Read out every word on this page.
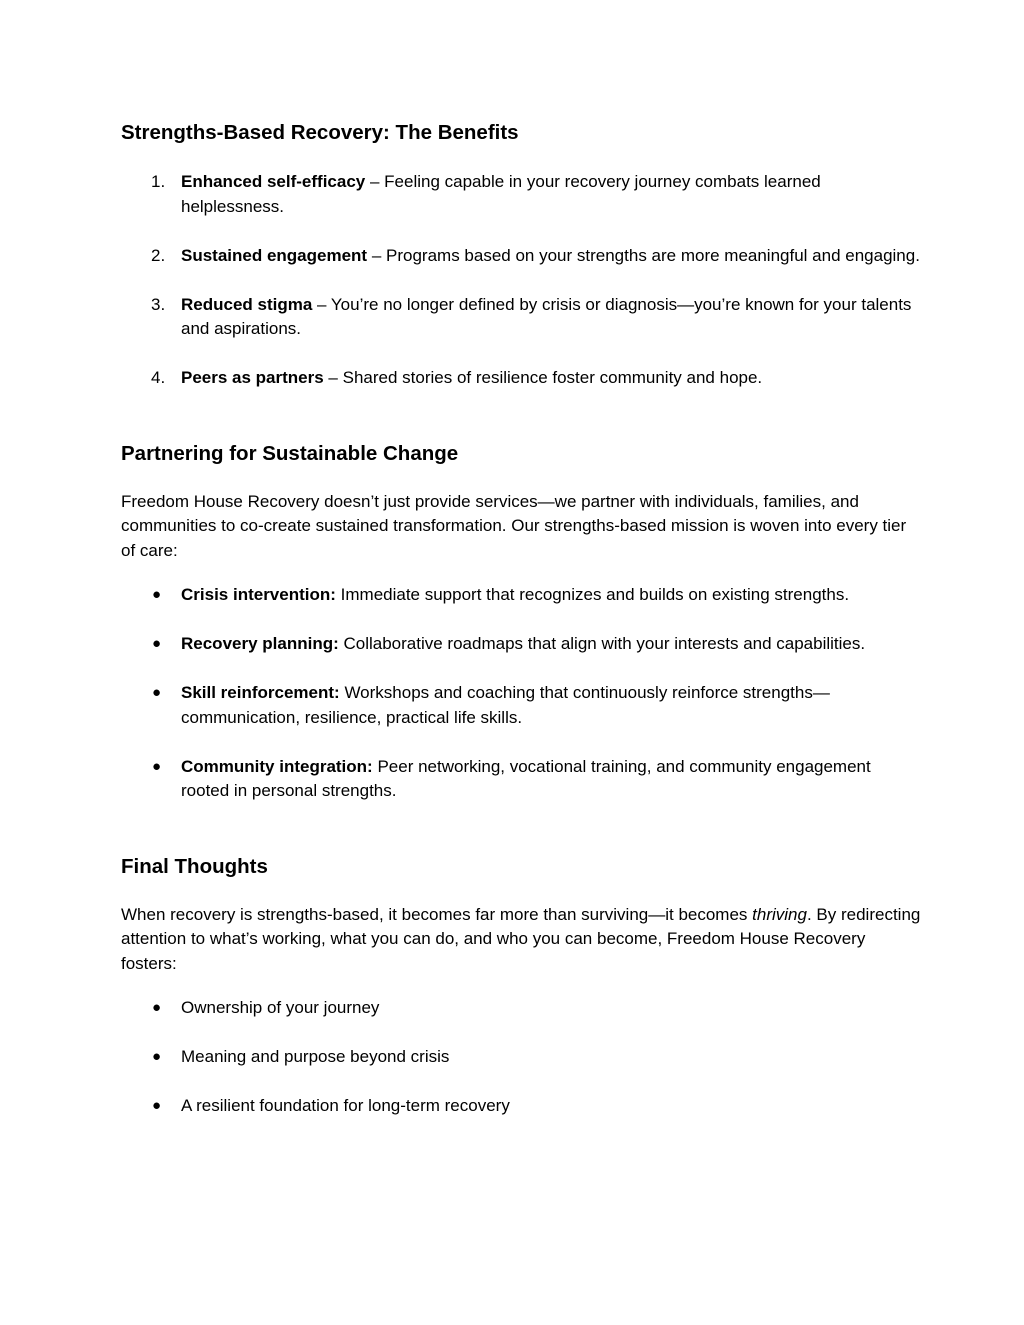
Strengths-Based Recovery: The Benefits
1. Enhanced self-efficacy – Feeling capable in your recovery journey combats learned helplessness.
2. Sustained engagement – Programs based on your strengths are more meaningful and engaging.
3. Reduced stigma – You’re no longer defined by crisis or diagnosis—you’re known for your talents and aspirations.
4. Peers as partners – Shared stories of resilience foster community and hope.
Partnering for Sustainable Change

Freedom House Recovery doesn’t just provide services—we partner with individuals, families, and communities to co-create sustained transformation. Our strengths‑based mission is woven into every tier of care:

● Crisis intervention: Immediate support that recognizes and builds on existing strengths.
● Recovery planning: Collaborative roadmaps that align with your interests and capabilities.
● Skill reinforcement: Workshops and coaching that continuously reinforce strengths—communication, resilience, practical life skills.
● Community integration: Peer networking, vocational training, and community engagement rooted in personal strengths.
Final Thoughts

When recovery is strengths‑based, it becomes far more than surviving—it becomes thriving. By redirecting attention to what’s working, what you can do, and who you can become, Freedom House Recovery fosters:

● Ownership of your journey
● Meaning and purpose beyond crisis
● A resilient foundation for long‑term recovery
